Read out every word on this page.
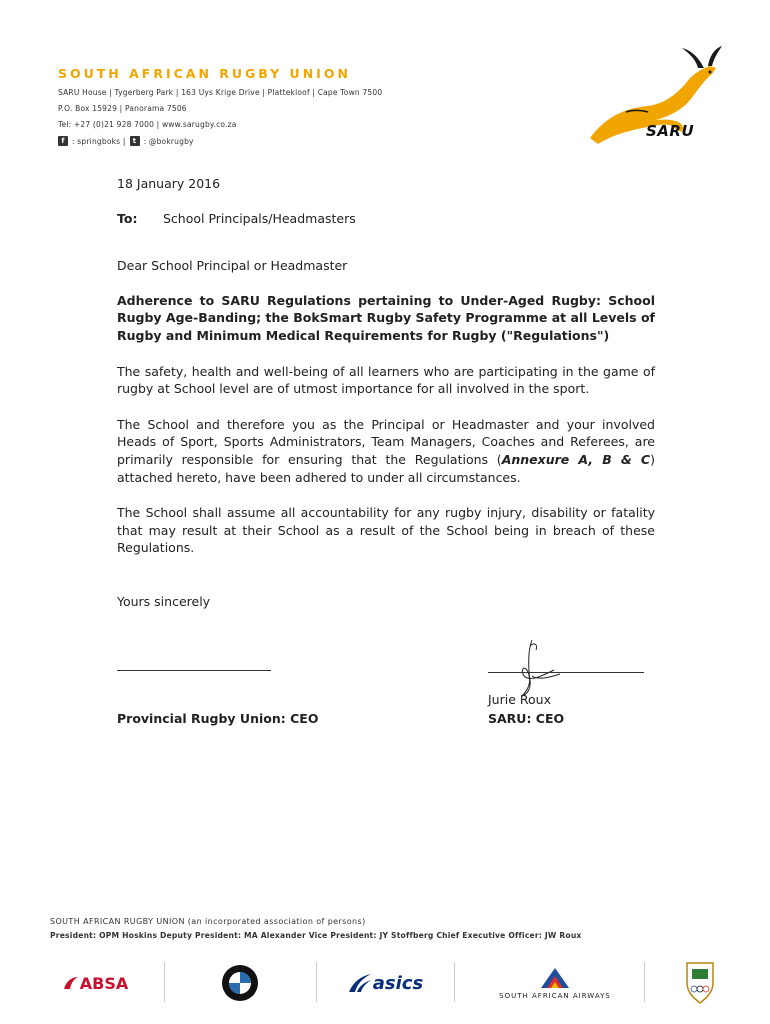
SOUTH AFRICAN RUGBY UNION
SARU House | Tygerberg Park | 163 Uys Krige Drive | Plattekloof | Cape Town 7500
P.O. Box 15929 | Panorama 7506
Tel: +27 (0)21 928 7000 | www.sarugby.co.za
f : springboks |	t : @bokrugby
SARU
18 January 2016
To:	School Principals/Headmasters
Dear School Principal or Headmaster
Adherence to SARU Regulations pertaining to Under-Aged Rugby: School Rugby Age-Banding; the BokSmart Rugby Safety Programme at all Levels of Rugby and Minimum Medical Requirements for Rugby ("Regulations")
The safety, health and well-being of all learners who are participating in the game of rugby at School level are of utmost importance for all involved in the sport.
The School and therefore you as the Principal or Headmaster and your involved Heads of Sport, Sports Administrators, Team Managers, Coaches and Referees, are primarily responsible for ensuring that the Regulations (Annexure A, B & C) attached hereto, have been adhered to under all circumstances.
The School shall assume all accountability for any rugby injury, disability or fatality that may result at their School as a result of the School being in breach of these Regulations.
Yours sincerely
Jurie Roux
Provincial Rugby Union: CEO	SARU: CEO
SOUTH AFRICAN RUGBY UNION (an incorporated association of persons)
President: OPM Hoskins Deputy President: MA Alexander Vice President: JY Stoffberg Chief Executive Officer: JW Roux
ABSA	asics
SOUTH AFRICAN AIRWAYS
